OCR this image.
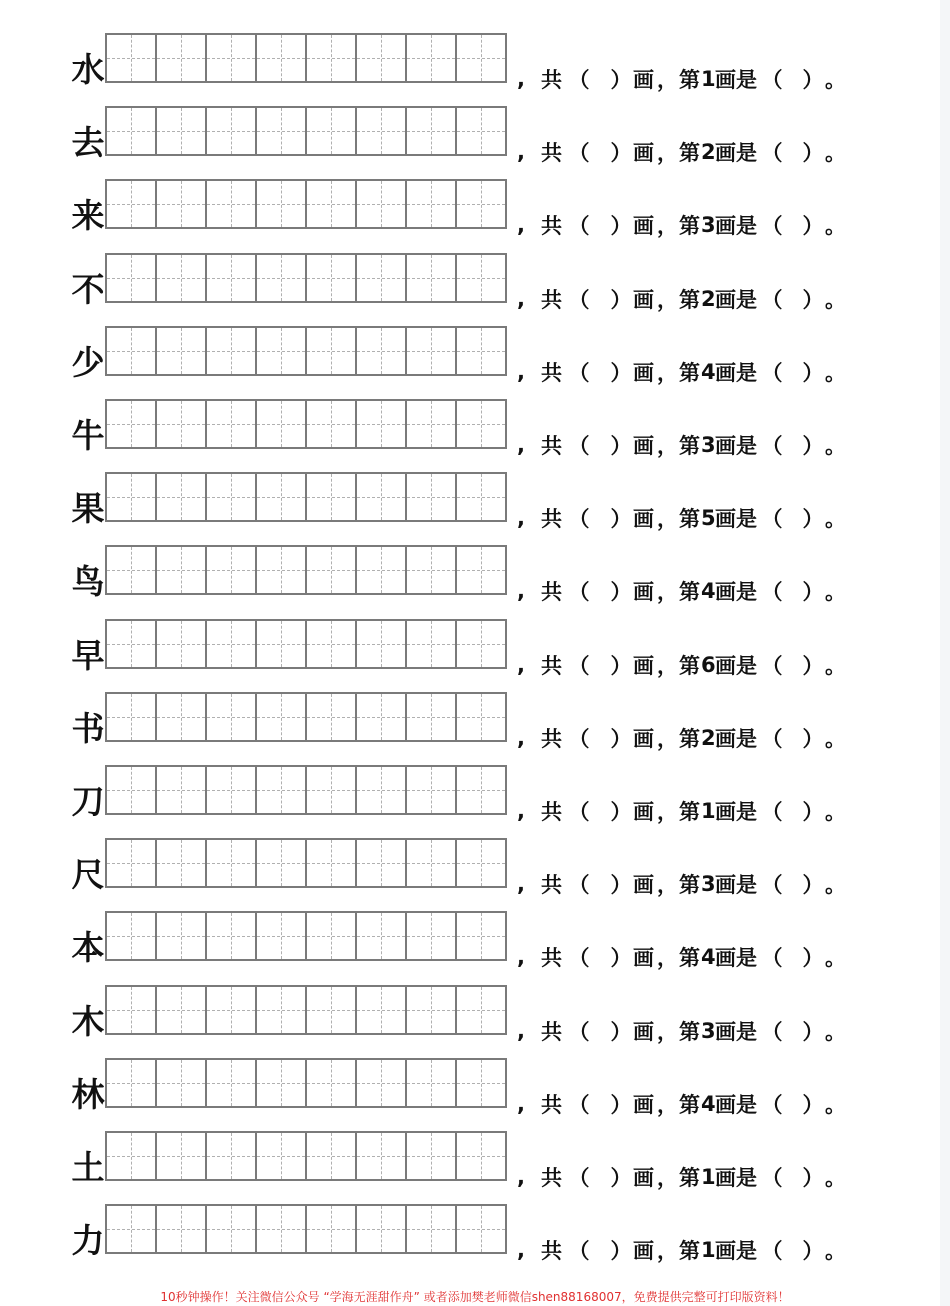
水	, 共 （ ） 画 ， 第 1 画是 （ ） 。
去	, 共 （ ） 画 ， 第 2 画是 （ ） 。
来	, 共 （ ） 画 ， 第 3 画是 （ ） 。
不	, 共 （ ） 画 ， 第 2 画是 （ ） 。
少	, 共 （ ） 画 ， 第 4 画是 （ ） 。
牛	, 共 （ ） 画 ， 第 3 画是 （ ） 。
果	, 共 （ ） 画 ， 第 5 画是 （ ） 。
鸟	, 共 （ ） 画 ， 第 4 画是 （ ） 。
早	, 共 （ ） 画 ， 第 6 画是 （ ） 。
书	, 共 （ ） 画 ， 第 2 画是 （ ） 。
刀	, 共 （ ） 画 ， 第 1 画是 （ ） 。
尺	, 共 （ ） 画 ， 第 3 画是 （ ） 。
本	, 共 （ ） 画 ， 第 4 画是 （ ） 。
木	, 共 （ ） 画 ， 第 3 画是 （ ） 。
林	, 共 （ ） 画 ， 第 4 画是 （ ） 。
土	, 共 （ ） 画 ， 第 1 画是 （ ） 。
力	, 共 （ ） 画 ， 第 1 画是 （ ） 。
10秒钟操作！关注微信公众号 “学海无涯甜作舟” 或者添加樊老师微信shen88168007，免费提供完整可打印版资料！
